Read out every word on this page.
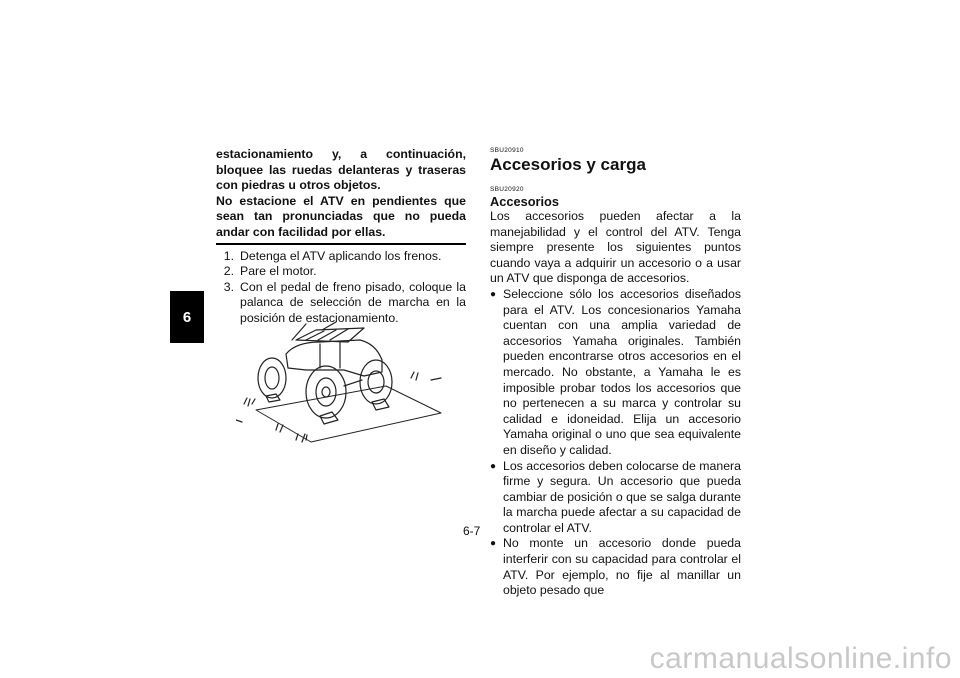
6
estacionamiento y, a continuación, bloquee las ruedas delanteras y traseras con piedras u otros objetos.
No estacione el ATV en pendientes que sean tan pronunciadas que no pueda andar con facilidad por ellas.
1. Detenga el ATV aplicando los frenos.
2. Pare el motor.
3. Con el pedal de freno pisado, coloque la palanca de selección de marcha en la posición de estacionamiento.
SBU20910
Accesorios y carga
SBU20920
Accesorios
Los accesorios pueden afectar a la manejabilidad y el control del ATV. Tenga siempre presente los siguientes puntos cuando vaya a adquirir un accesorio o a usar un ATV que disponga de accesorios.
● Seleccione sólo los accesorios diseñados para el ATV. Los concesionarios Yamaha cuentan con una amplia variedad de accesorios Yamaha originales. También pueden encontrarse otros accesorios en el mercado. No obstante, a Yamaha le es imposible probar todos los accesorios que no pertenecen a su marca y controlar su calidad e idoneidad. Elija un accesorio Yamaha original o uno que sea equivalente en diseño y calidad.
● Los accesorios deben colocarse de manera firme y segura. Un accesorio que pueda cambiar de posición o que se salga durante la marcha puede afectar a su capacidad de controlar el ATV.
● No monte un accesorio donde pueda interferir con su capacidad para controlar el ATV. Por ejemplo, no fije al manillar un objeto pesado que
6-7
carmanualsonline.info
